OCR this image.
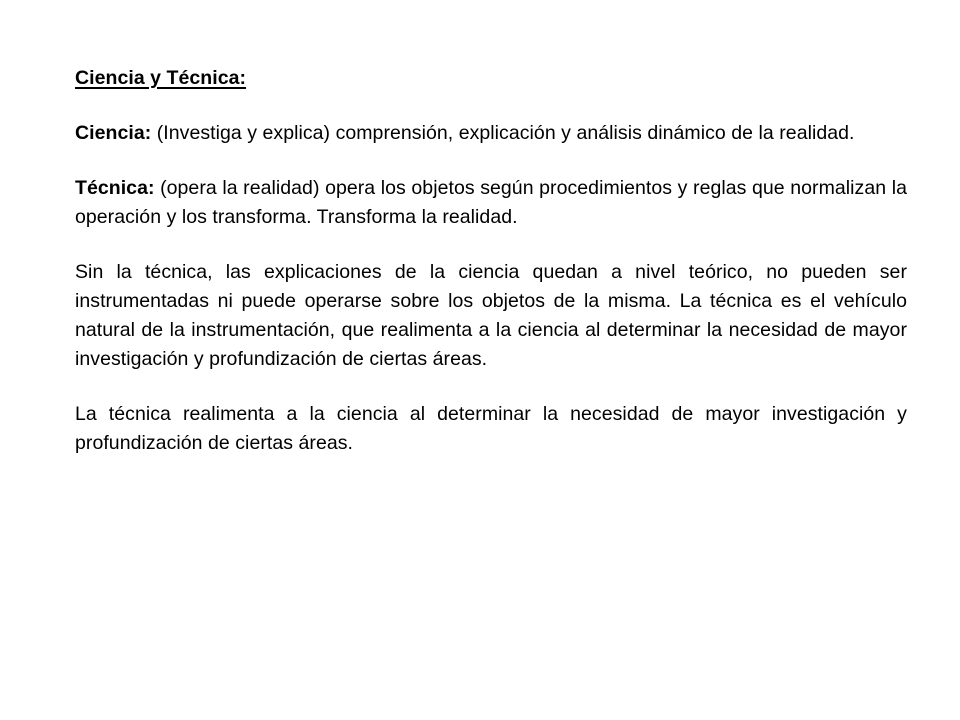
Ciencia y Técnica:

Ciencia: (Investiga y explica) comprensión, explicación y análisis dinámico de la realidad.

Técnica: (opera la realidad) opera los objetos según procedimientos y reglas que normalizan la operación y los transforma. Transforma la realidad.

Sin la técnica, las explicaciones de la ciencia quedan a nivel teórico, no pueden ser instrumentadas ni puede operarse sobre los objetos de la misma. La técnica es el vehículo natural de la instrumentación, que realimenta a la ciencia al determinar la necesidad de mayor investigación y profundización de ciertas áreas.

La técnica realimenta a la ciencia al determinar la necesidad de mayor investigación y profundización de ciertas áreas.
